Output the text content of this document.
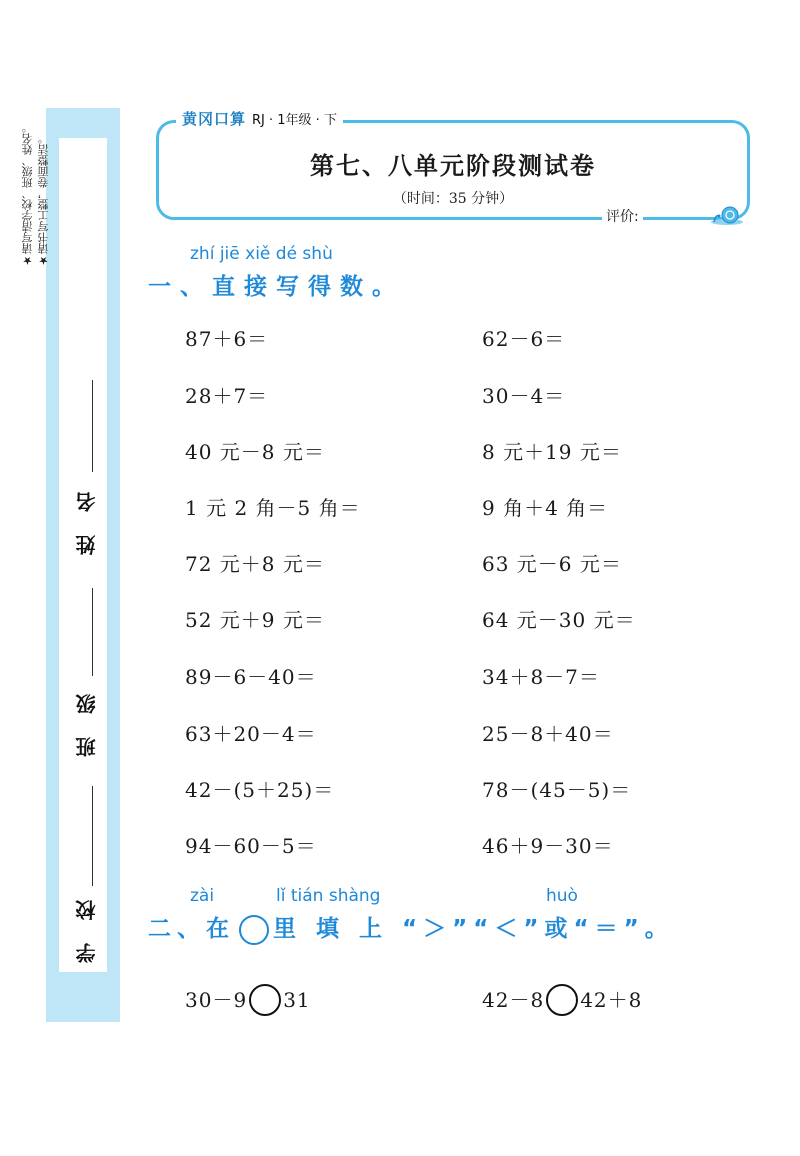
★请写清学校、班级、姓名。 ★请书写工整，卷面整洁。
姓 名
班 级
学 校
黄冈口算 RJ · 1年级 · 下
第七、八单元阶段测试卷
（时间：35 分钟）
评价:
zhí jiē xiě dé shù
一、直接写得数。
87＋6＝	62－6＝
28＋7＝	30－4＝
40 元－8 元＝	8 元＋19 元＝
1 元 2 角－5 角＝	9 角＋4 角＝
72 元＋8 元＝	63 元－6 元＝
52 元＋9 元＝	64 元－30 元＝
89－6－40＝	34＋8－7＝
63＋20－4＝	25－8＋40＝
42－(5＋25)＝	78－(45－5)＝
94－60－5＝	46＋9－30＝
zài	lǐ tián shàng	huò
二、在 里 填 上 “＞”“＜”或“＝”。
30－9 31	42－8 42＋8
